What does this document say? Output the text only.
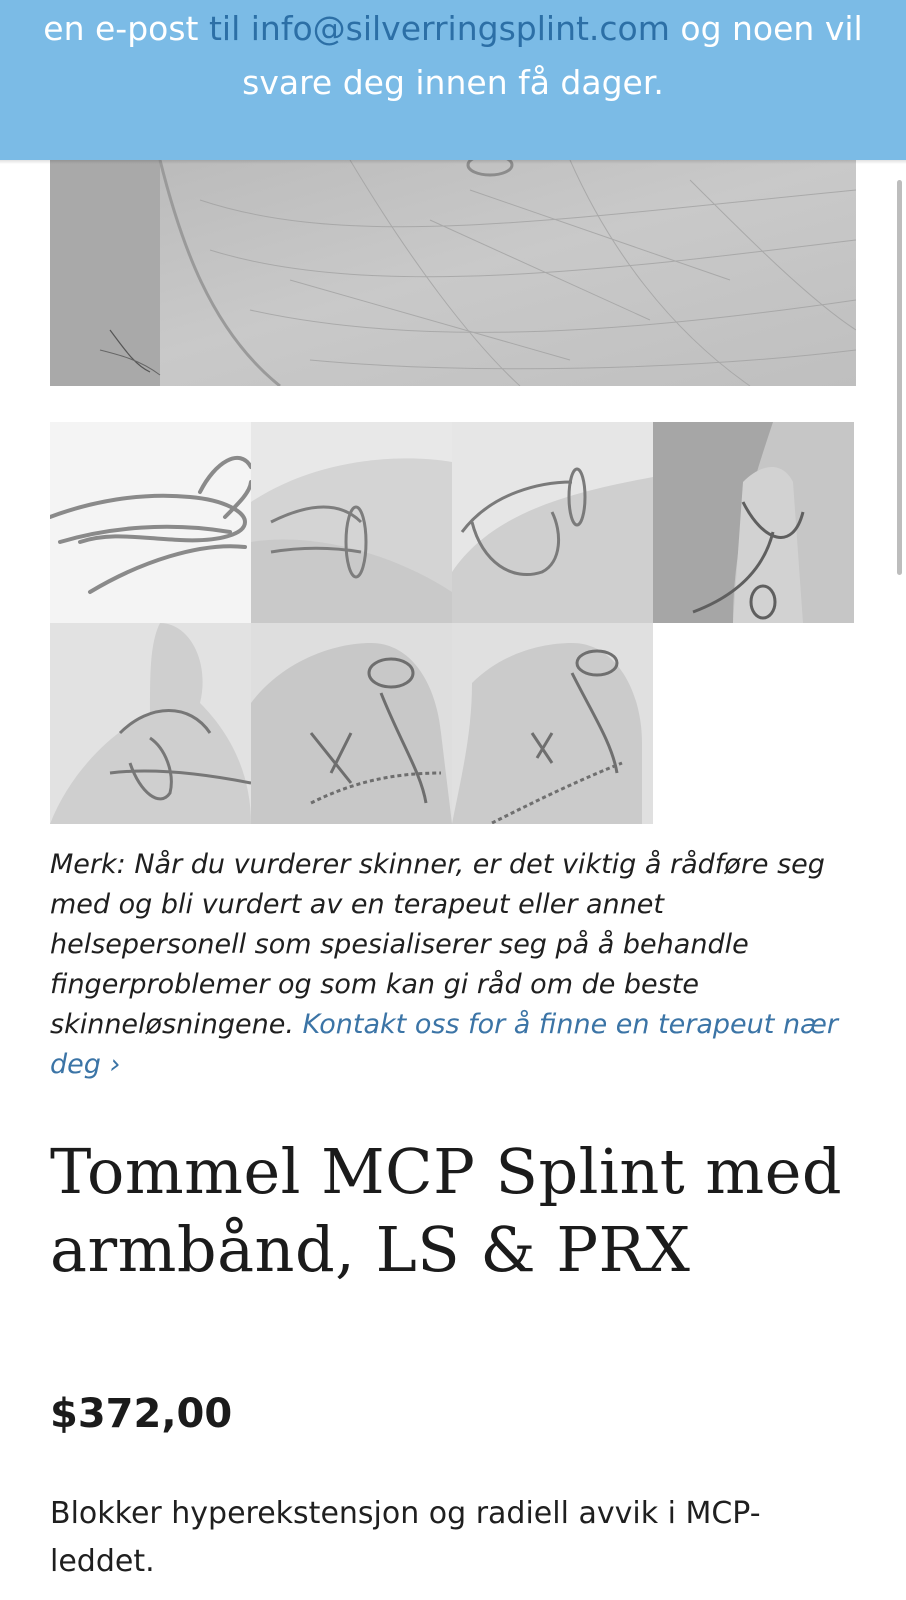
en e-post til info@silverringsplint.com og noen vil
svare deg innen få dager.
Merk: Når du vurderer skinner, er det viktig å rådføre seg med og bli vurdert av en terapeut eller annet helsepersonell som spesialiserer seg på å behandle fingerproblemer og som kan gi råd om de beste skinneløsningene. Kontakt oss for å finne en terapeut nær deg ›
Tommel MCP Splint med armbånd, LS & PRX
$372,00
Blokker hyperekstensjon og radiell avvik i MCP-leddet.
